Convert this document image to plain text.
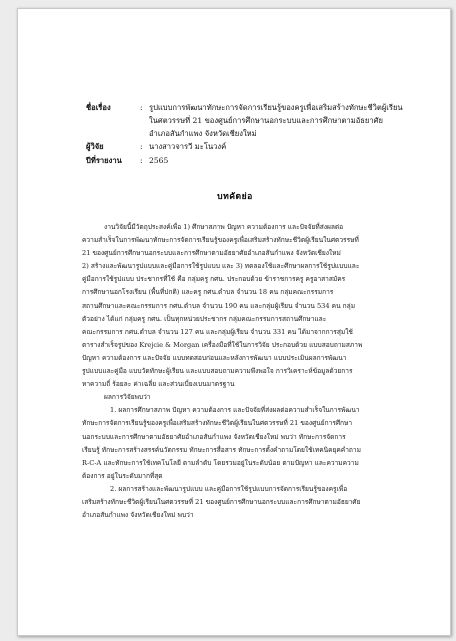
ชื่อเรื่อง	: รูปแบบการพัฒนาทักษะการจัดการเรียนรู้ของครูเพื่อเสริมสร้างทักษะชีวิตผู้เรียน
ในศตวรรษที่ 21 ของศูนย์การศึกษานอกระบบและการศึกษาตามอัธยาศัย
อำเภอสันกำแพง จังหวัดเชียงใหม่
ผู้วิจัย	: นางสาวจารวี มะโนวงค์
ปีที่รายงาน : 2565
บทคัดย่อ
งานวิจัยนี้มีวัตถุประสงค์เพื่อ 1) ศึกษาสภาพ ปัญหา ความต้องการ และปัจจัยที่ส่งผลต่อ
ความสำเร็จในการพัฒนาทักษะการจัดการเรียนรู้ของครูเพื่อเสริมสร้างทักษะชีวิตผู้เรียนในศตวรรษที่
21 ของศูนย์การศึกษานอกระบบและการศึกษาตามอัธยาศัยอำเภอสันกำแพง จังหวัดเชียงใหม่
2) สร้างและพัฒนารูปแบบและคู่มือการใช้รูปแบบ และ 3) ทดลองใช้และศึกษาผลการใช้รูปแบบและ
คู่มือการใช้รูปแบบ ประชากรที่ใช้ คือ กลุ่มครู กศน. ประกอบด้วย ข้าราชการครู ครูอาสาสมัคร
การศึกษานอกโรงเรียน (พื้นที่ปกติ) และครู กศน.ตำบล จำนวน 18 คน กลุ่มคณะกรรมการ
สถานศึกษาและคณะกรรมการ กศน.ตำบล จำนวน 190 คน และกลุ่มผู้เรียน จำนวน 534 คน กลุ่ม
ตัวอย่าง ได้แก่ กลุ่มครู กศน. เป็นทุกหน่วยประชากร กลุ่มคณะกรรมการสถานศึกษาและ
คณะกรรมการ กศน.ตำบล จำนวน 127 คน และกลุ่มผู้เรียน จำนวน 331 คน ได้มาจากการสุ่มใช้
ตารางสำเร็จรูปของ Krejcie & Morgan เครื่องมือที่ใช้ในการวิจัย ประกอบด้วย แบบสอบถามสภาพ
ปัญหา ความต้องการ และปัจจัย แบบทดสอบก่อนและหลังการพัฒนา แบบประเมินผลการพัฒนา
รูปแบบและคู่มือ แบบวัดทักษะผู้เรียน และแบบสอบถามความพึงพอใจ การวิเคราะห์ข้อมูลด้วยการ
หาความถี่ ร้อยละ ค่าเฉลี่ย และส่วนเบี่ยงเบนมาตรฐาน
ผลการวิจัยพบว่า
1. ผลการศึกษาสภาพ ปัญหา ความต้องการ และปัจจัยที่ส่งผลต่อความสำเร็จในการพัฒนา
ทักษะการจัดการเรียนรู้ของครูเพื่อเสริมสร้างทักษะชีวิตผู้เรียนในศตวรรษที่ 21 ของศูนย์การศึกษา
นอกระบบและการศึกษาตามอัธยาศัยอำเภอสันกำแพง จังหวัดเชียงใหม่ พบว่า ทักษะการจัดการ
เรียนรู้ ทักษะการสร้างสรรค์นวัตกรรม ทักษะการสื่อสาร ทักษะการตั้งคำถามโดยใช้เทคนิคยุคคำถาม
R-C-A และทักษะการใช้เทคโนโลยี ตามลำดับ โดยรวมอยู่ในระดับน้อย ตามปัญหา และความความ
ต้องการ อยู่ในระดับมากที่สุด
2. ผลการสร้างและพัฒนารูปแบบ และคู่มือการใช้รูปแบบการจัดการเรียนรู้ของครูเพื่อ
เสริมสร้างทักษะชีวิตผู้เรียนในศตวรรษที่ 21 ของศูนย์การศึกษานอกระบบและการศึกษาตามอัธยาศัย
อำเภอสันกำแพง จังหวัดเชียงใหม่ พบว่า
